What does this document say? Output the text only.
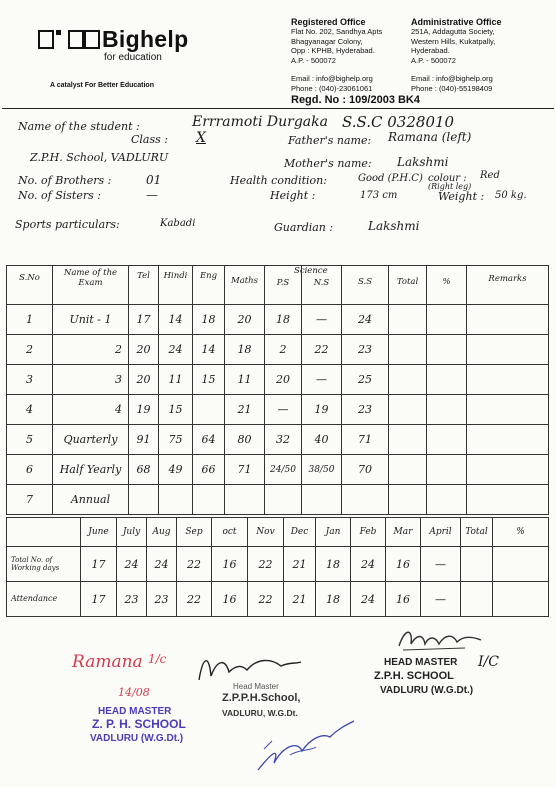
Bighelp
for education
A catalyst For Better Education
Registered Office
Flat No. 202, Sandhya Apts
Bhagyanagar Colony,
Opp : KPHB, Hyderabad.
A.P. - 500072
Email : info@bighelp.org
Phone : (040)-23061061
Administrative Office
251A, Addagutta Society,
Western Hills, Kukatpally,
Hyderabad.
A.P. - 500072
Email : info@bighelp.org
Phone : (040)-55198409
Regd. No : 109/2003 BK4
Name of the student :	Errramoti Durgaka S.S.C 0328010
Class : X	Father's name: Ramana (left)
Z.P.H. School, VADLURU	Mother's name: Lakshmi
No. of Brothers :	01	Health condition:	Good (P.H.C) colour : Red
(Right leg)
No. of Sisters :	—	Height :	173 cm	Weight : 50 kg.
Sports particulars:	Kabadi	Guardian :	Lakshmi
Science
S.No	Name of the Exam	Tel	Hindi	Eng	Maths	P.S	N.S	S.S	Total	%	Remarks
1	Unit - 1	17	14	18	20	18	—	24			
2	2	20	24	14	18	2	22	23			
3	3	20	11	15	11	20	—	25			
4	4	19	15		21	—	19	23			
5	Quarterly	91	75	64	80	32	40	71			
6	Half Yearly	68	49	66	71	24/50	38/50	70			
7	Annual										
	June	July	Aug	Sep	oct	Nov	Dec	Jan	Feb	Mar	April	Total	%
Total No. of Working days	17	24	24	22	16	22	21	18	24	16	—		
Attendance	17	23	23	22	16	22	21	18	24	16	—		
I/C
HEAD MASTER
Z.P.H. SCHOOL
VADLURU (W.G.Dt.)
Ramana 1/c
14/08	Head Master
Z.P.P.H.School,
VADLURU, W.G.Dt.
HEAD MASTER
Z. P. H. SCHOOL
VADLURU (W.G.Dt.)
